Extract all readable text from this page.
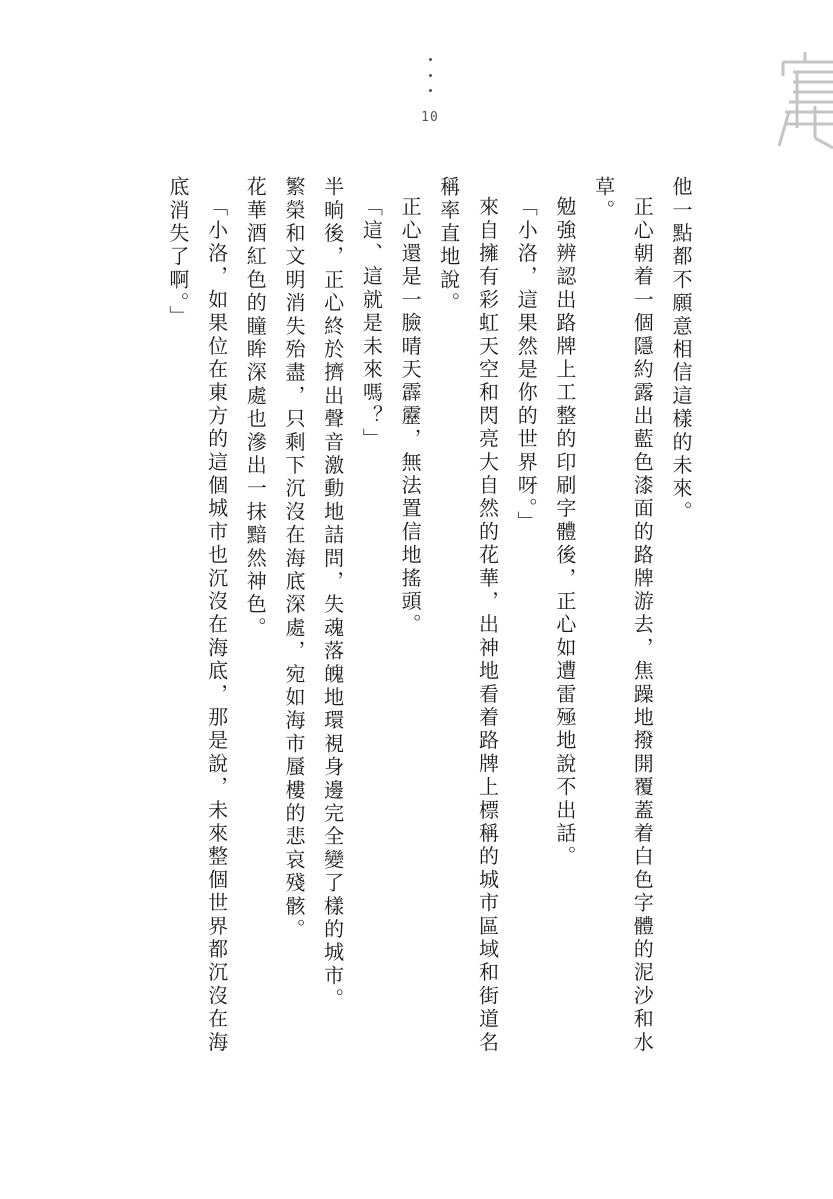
10

他一點都不願意相信這樣的未來。

正心朝着一個隱約露出藍色漆面的路牌游去，焦躁地撥開覆蓋着白色字體的泥沙和水草。

勉強辨認出路牌上工整的印刷字體後，正心如遭雷殛地說不出話。

「小洛，這果然是你的世界呀。」

來自擁有彩虹天空和閃亮大自然的花華，出神地看着路牌上標稱的城市區域和街道名稱率直地說。

正心還是一臉晴天霹靂，無法置信地搖頭。

「這、這就是未來嗎？」

半晌後，正心終於擠出聲音激動地詰問，失魂落魄地環視身邊完全變了樣的城市。

繁榮和文明消失殆盡，只剩下沉沒在海底深處，宛如海市蜃樓的悲哀殘骸。

花華酒紅色的瞳眸深處也滲出一抹黯然神色。

「小洛，如果位在東方的這個城市也沉沒在海底，那是說，未來整個世界都沉沒在海底消失了啊。」
